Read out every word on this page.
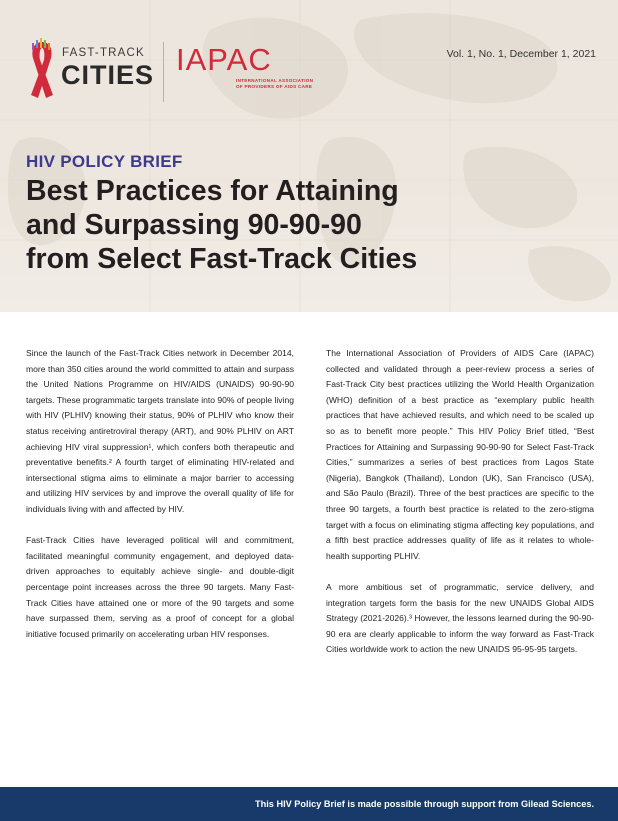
FAST-TRACK
CITIES IAPAC
INTERNATIONAL ASSOCIATION
OF PROVIDERS OF AIDS CARE
Vol. 1, No. 1, December 1, 2021
HIV POLICY BRIEF
Best Practices for Attaining
and Surpassing 90-90-90
from Select Fast-Track Cities

Since the launch of the Fast-Track Cities network in December 2014, more than 350 cities around the world committed to attain and surpass the United Nations Programme on HIV/AIDS (UNAIDS) 90-90-90 targets. These programmatic targets translate into 90% of people living with HIV (PLHIV) knowing their status, 90% of PLHIV who know their status receiving antiretroviral therapy (ART), and 90% PLHIV on ART achieving HIV viral suppression¹, which confers both therapeutic and preventative benefits.² A fourth target of eliminating HIV-related and intersectional stigma aims to eliminate a major barrier to accessing and utilizing HIV services by and improve the overall quality of life for individuals living with and affected by HIV.

Fast-Track Cities have leveraged political will and commitment, facilitated meaningful community engagement, and deployed data-driven approaches to equitably achieve single- and double-digit percentage point increases across the three 90 targets. Many Fast-Track Cities have attained one or more of the 90 targets and some have surpassed them, serving as a proof of concept for a global initiative focused primarily on accelerating urban HIV responses.

The International Association of Providers of AIDS Care (IAPAC) collected and validated through a peer-review process a series of Fast-Track City best practices utilizing the World Health Organization (WHO) definition of a best practice as “exemplary public health practices that have achieved results, and which need to be scaled up so as to benefit more people.” This HIV Policy Brief titled, “Best Practices for Attaining and Surpassing 90-90-90 for Select Fast-Track Cities,” summarizes a series of best practices from Lagos State (Nigeria), Bangkok (Thailand), London (UK), San Francisco (USA), and São Paulo (Brazil). Three of the best practices are specific to the three 90 targets, a fourth best practice is related to the zero-stigma target with a focus on eliminating stigma affecting key populations, and a fifth best practice addresses quality of life as it relates to whole-health supporting PLHIV.

A more ambitious set of programmatic, service delivery, and integration targets form the basis for the new UNAIDS Global AIDS Strategy (2021-2026).³ However, the lessons learned during the 90-90-90 era are clearly applicable to inform the way forward as Fast-Track Cities worldwide work to action the new UNAIDS 95-95-95 targets.

This HIV Policy Brief is made possible through support from Gilead Sciences.
